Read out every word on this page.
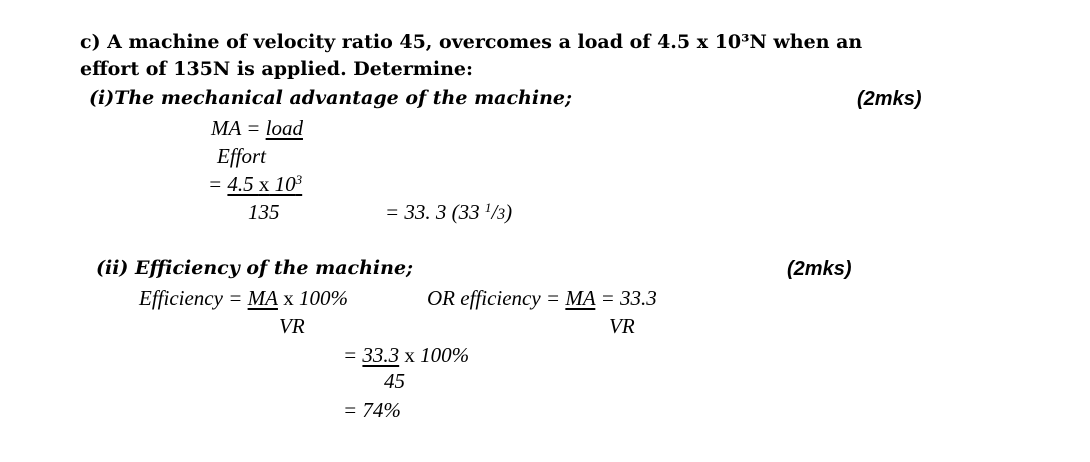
c) A machine of velocity ratio 45, overcomes a load of 4.5 x 10³N when an
effort of 135N is applied. Determine:
(i)The mechanical advantage of the machine;	(2mks)
MA = load
Effort
= 4.5 x $10^3$
135	= 33. 3 (33 $^1$/3)
(ii) Efficiency of the machine;	(2mks)
Efficiency = MA x 100%	OR efficiency = MA = 33.3
VR	VR
= 33.3 x 100%
45
= 74%
